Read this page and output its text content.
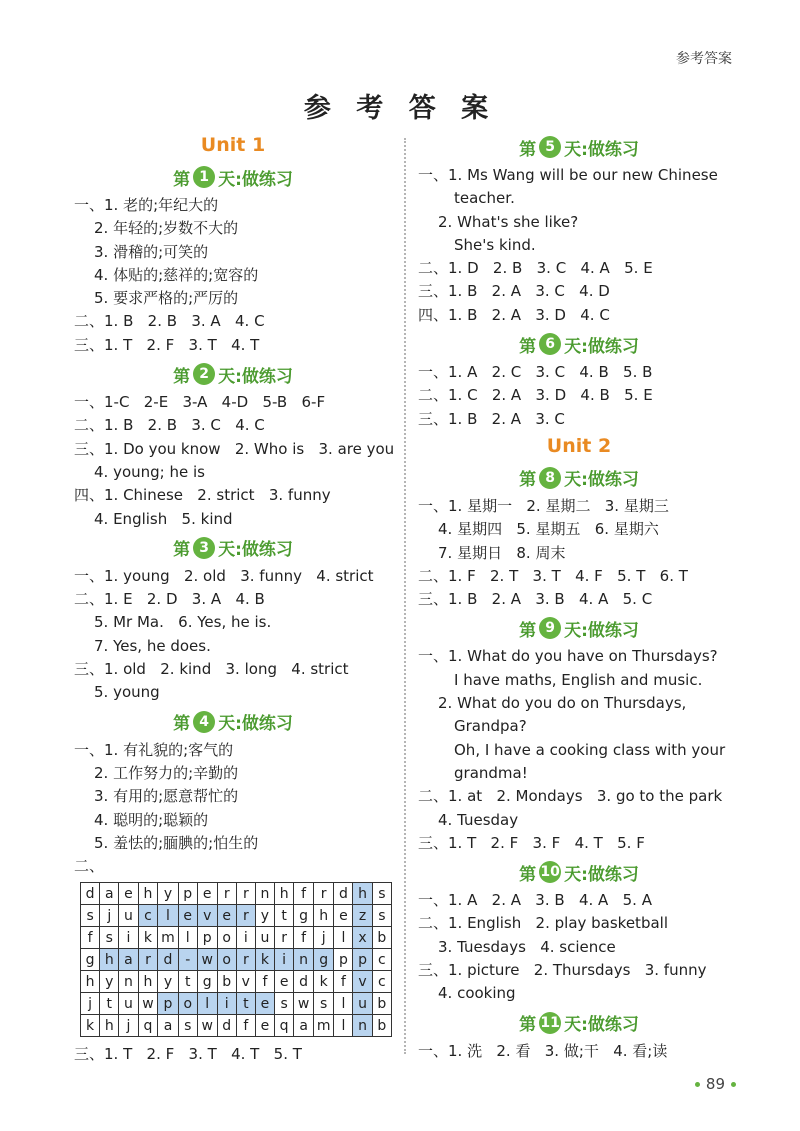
参考答案
参 考 答 案
Unit 1
第 1 天:做练习
一、1. 老的;年纪大的
2. 年轻的;岁数不大的
3. 滑稽的;可笑的
4. 体贴的;慈祥的;宽容的
5. 要求严格的;严厉的
二、1. B   2. B   3. A   4. C
三、1. T   2. F   3. T   4. T
第 2 天:做练习
一、1-C   2-E   3-A   4-D   5-B   6-F
二、1. B   2. B   3. C   4. C
三、1. Do you know   2. Who is   3. are you
4. young; he is
四、1. Chinese   2. strict   3. funny
4. English   5. kind
第 3 天:做练习
一、1. young   2. old   3. funny   4. strict
二、1. E   2. D   3. A   4. B
5. Mr Ma.   6. Yes, he is.
7. Yes, he does.
三、1. old   2. kind   3. long   4. strict
5. young
第 4 天:做练习
一、1. 有礼貌的;客气的
2. 工作努力的;辛勤的
3. 有用的;愿意帮忙的
4. 聪明的;聪颖的
5. 羞怯的;腼腆的;怕生的
二、
d	a	e	h	y	p	e	r	r	n	h	f	r	d	h	s
s	j	u	c	l	e	v	e	r	y	t	g	h	e	z	s
f	s	i	k	m	l	p	o	i	u	r	f	j	l	x	b
g	h	a	r	d	-	w	o	r	k	i	n	g	p	p	c
h	y	n	h	y	t	g	b	v	f	e	d	k	f	v	c
j	t	u	w	p	o	l	i	t	e	s	w	s	l	u	b
k	h	j	q	a	s	w	d	f	e	q	a	m	l	n	b
三、1. T   2. F   3. T   4. T   5. T
第 5 天:做练习
一、1. Ms Wang will be our new Chinese
teacher.
2. What's she like?
She's kind.
二、1. D   2. B   3. C   4. A   5. E
三、1. B   2. A   3. C   4. D
四、1. B   2. A   3. D   4. C
第 6 天:做练习
一、1. A   2. C   3. C   4. B   5. B
二、1. C   2. A   3. D   4. B   5. E
三、1. B   2. A   3. C
Unit 2
第 8 天:做练习
一、1. 星期一   2. 星期二   3. 星期三
4. 星期四   5. 星期五   6. 星期六
7. 星期日   8. 周末
二、1. F   2. T   3. T   4. F   5. T   6. T
三、1. B   2. A   3. B   4. A   5. C
第 9 天:做练习
一、1. What do you have on Thursdays?
I have maths, English and music.
2. What do you do on Thursdays,
Grandpa?
Oh, I have a cooking class with your
grandma!
二、1. at   2. Mondays   3. go to the park
4. Tuesday
三、1. T   2. F   3. F   4. T   5. F
第 10 天:做练习
一、1. A   2. A   3. B   4. A   5. A
二、1. English   2. play basketball
3. Tuesdays   4. science
三、1. picture   2. Thursdays   3. funny
4. cooking
第 11 天:做练习
一、1. 洗   2. 看   3. 做;干   4. 看;读
89
